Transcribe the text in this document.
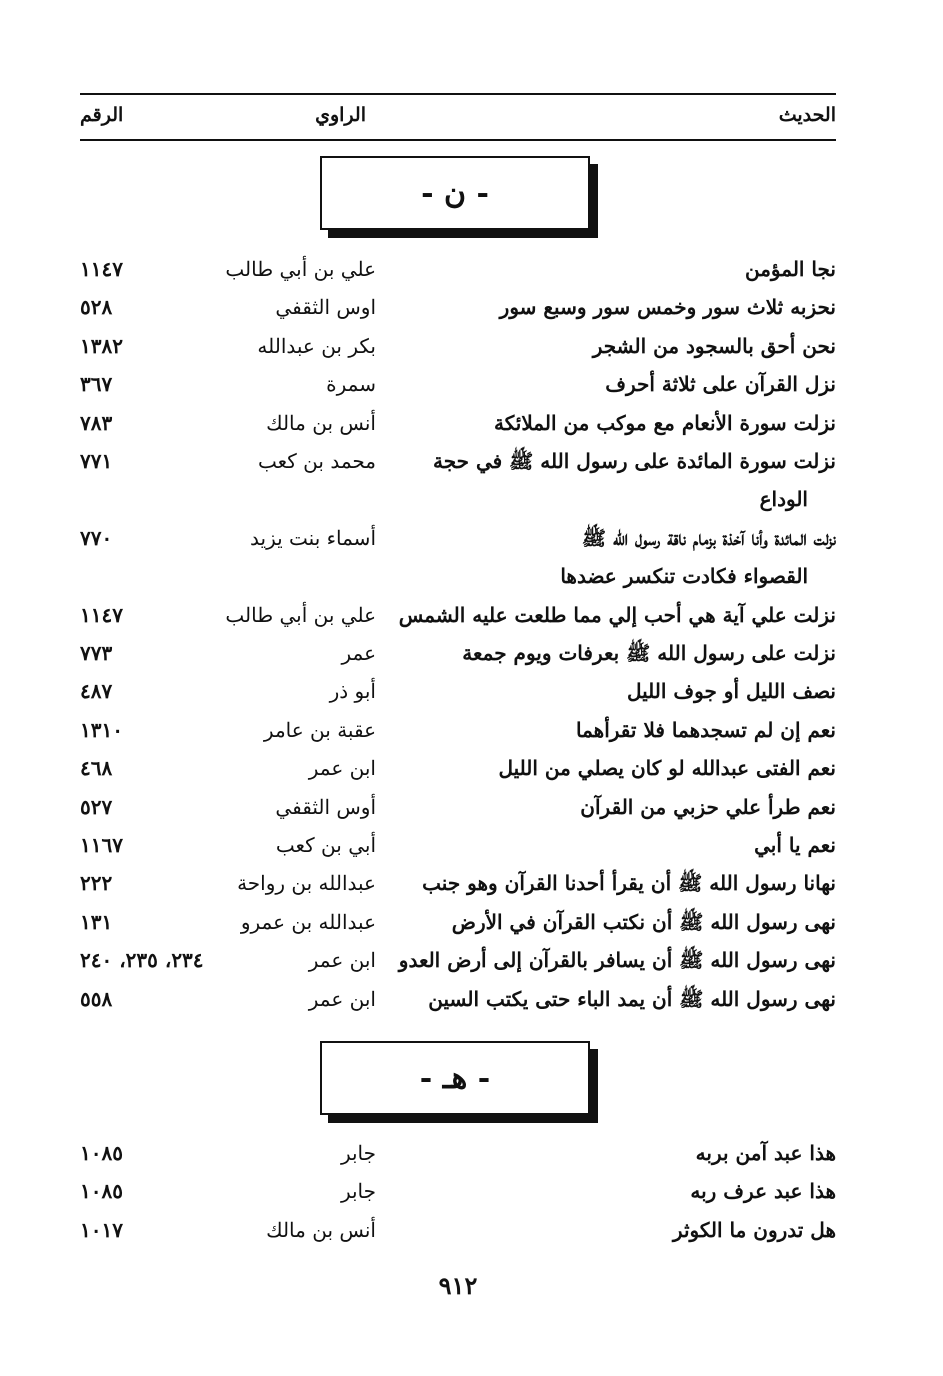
الحديث
الراوي
الرقم
- ن -
نجا المؤمن
علي بن أبي طالب
١١٤٧
نحزبه ثلاث سور وخمس سور وسبع سور
اوس الثقفي
٥٢٨
نحن أحق بالسجود من الشجر
بكر بن عبدالله
١٣٨٢
نزل القرآن على ثلاثة أحرف
سمرة
٣٦٧
نزلت سورة الأنعام مع موكب من الملائكة
أنس بن مالك
٧٨٣
نزلت سورة المائدة على رسول الله ﷺ في حجة
محمد بن كعب
٧٧١
الوداع
نزلت المائدة وأنا آخذة بزمام ناقة رسول الله ﷺ
أسماء بنت يزيد
٧٧٠
القصواء فكادت تنكسر عضدها
نزلت علي آية هي أحب إلي مما طلعت عليه الشمس
علي بن أبي طالب
١١٤٧
نزلت على رسول الله ﷺ بعرفات ويوم جمعة
عمر
٧٧٣
نصف الليل أو جوف الليل
أبو ذر
٤٨٧
نعم إن لم تسجدهما فلا تقرأهما
عقبة بن عامر
١٣١٠
نعم الفتى عبدالله لو كان يصلي من الليل
ابن عمر
٤٦٨
نعم طرأ علي حزبي من القرآن
أوس الثقفي
٥٢٧
نعم يا أبي
أبي بن كعب
١١٦٧
نهانا رسول الله ﷺ أن يقرأ أحدنا القرآن وهو جنب
عبدالله بن رواحة
٢٢٢
نهى رسول الله ﷺ أن نكتب القرآن في الأرض
عبدالله بن عمرو
١٣١
نهى رسول الله ﷺ أن يسافر بالقرآن إلى أرض العدو
ابن عمر
٢٣٤، ٢٣٥، ٢٤٠
نهى رسول الله ﷺ أن يمد الباء حتى يكتب السين
ابن عمر
٥٥٨
- هـ -
هذا عبد آمن بربه
جابر
١٠٨٥
هذا عبد عرف ربه
جابر
١٠٨٥
هل تدرون ما الكوثر
أنس بن مالك
١٠١٧
٩١٢
